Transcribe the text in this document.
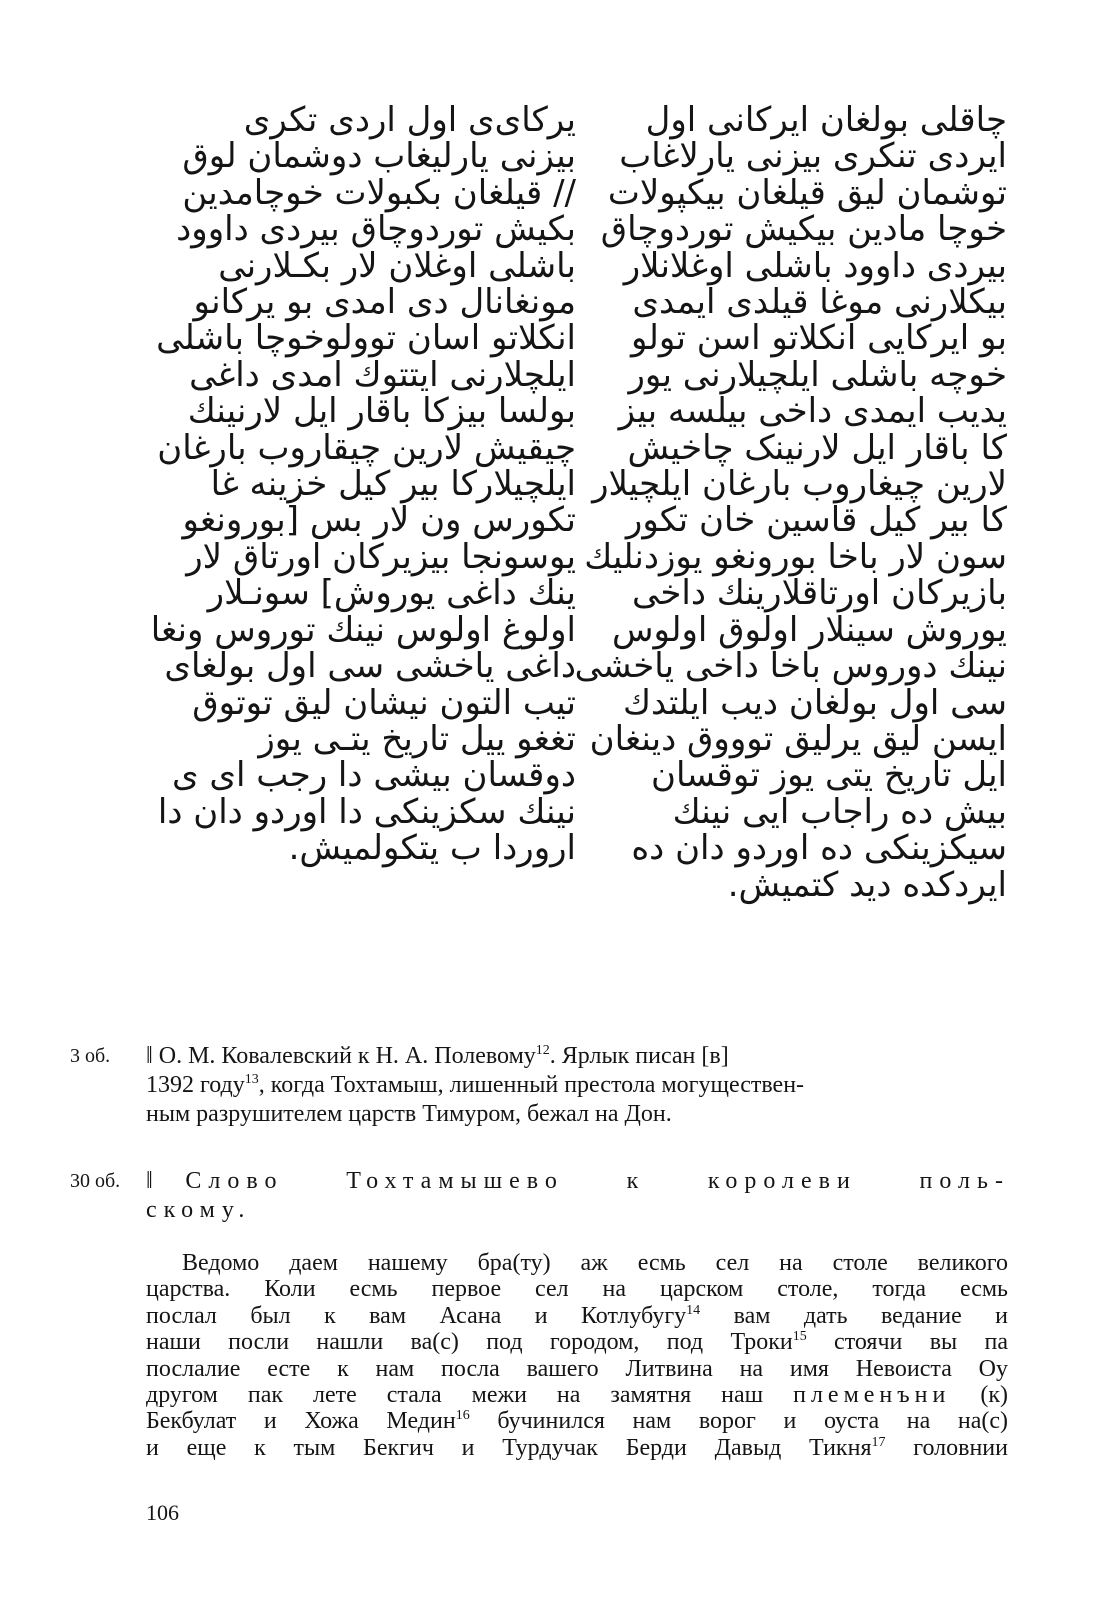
یرکای‌ی اول اردی تکری
بیزنی یارلیغاب دوشمان لوق
// قیلغان بکبولات خوچامدین
بکیش توردوچاق بیردی داوود
باشلی اوغلان لار بکـلارنی
مونغانال دی امدی بو یرکانو
انکلاتو اسان توولوخوچا باشلی
ایلچلارنی ایتتوك امدی داغی
بولسا بیزکا باقار ایل لارنینك
چیقیش لارین چیقاروب بارغان
ایلچیلارکا بیر کیل خزینه غا
تکورس ون لار بس [بورونغو
یوسونجا بیزیرکان اورتاق لار
ینك داغی یوروش] سونـلار
اولوغ اولوس نینك توروس ونغا
داغی یاخشی سی اول بولغای
تیب التون نیشان لیق توتوق
تغغو ییل تاریخ یتـی یوز
دوقسان بیشی دا رجب ای ی
نینك سکزینکی دا اوردو دان دا
اروردا ب یتکولمیش.
چاقلی بولغان ایرکانی اول
ایردی تنکری بیزنی یارلاغاب
توشمان لیق قیلغان بیکپولات
خوچا مادین بیکیش توردوچاق
بیردی داوود باشلی اوغلانلار
بیکلارنی موغا قیلدی ایمدی
بو ایرکایی انکلاتو اسن تولو
خوچه باشلی ایلچیلارنی یور
یدیب ایمدی داخی بیلسه بیز
کا باقار ایل لارنینک چاخیش
لارین چیغاروب بارغان ایلچیلار
کا بیر کیل قاسین خان تکور
سون لار باخا بورونغو یوزدنلیك
بازیرکان اورتاقلارینك داخی
یوروش سینلار اولوق اولوس
نینك دوروس باخا داخی یاخشی
سی اول بولغان دیب ایلتدك
ایسن لیق یرلیق توووق دینغان
ایل تاریخ یتی یوز توقسان
بیش ده راجاب ایی نینك
سیکزینکی ده اوردو دان ده
ایردکده دید کتمیش.
3 об. ‖ О. М. Ковалевский к Н. А. Полевому$^{12}$. Ярлык писан [в]
1392 году$^{13}$, когда Тохтамыш, лишенный престола могуществен-
ным разрушителем царств Тимуром, бежал на Дон.
30 об. ‖ Слово	Тохтамышево	к	королеви	поль-
скому.
Ведомо даем нашему бра(ту) аж есмь сел на столе великого
царства. Коли есмь первое сел на царском столе, тогда есмь
послал был к вам Асана и Котлубугу$^{14}$ вам дать ведание и
наши посли нашли ва(с) под городом, под Троки$^{15}$ стоячи вы па
послалие есте к нам посла вашего Литвина на имя Невоиста Оу
другом пак лете стала межи на замятня наш племенъни (к)
Бекбулат и Хожа Медин$^{16}$ бучинился нам ворог и оуста на на(с)
и еще к тым Бекгич и Турдучак Берди Давыд Тикня$^{17}$ головнии
106
